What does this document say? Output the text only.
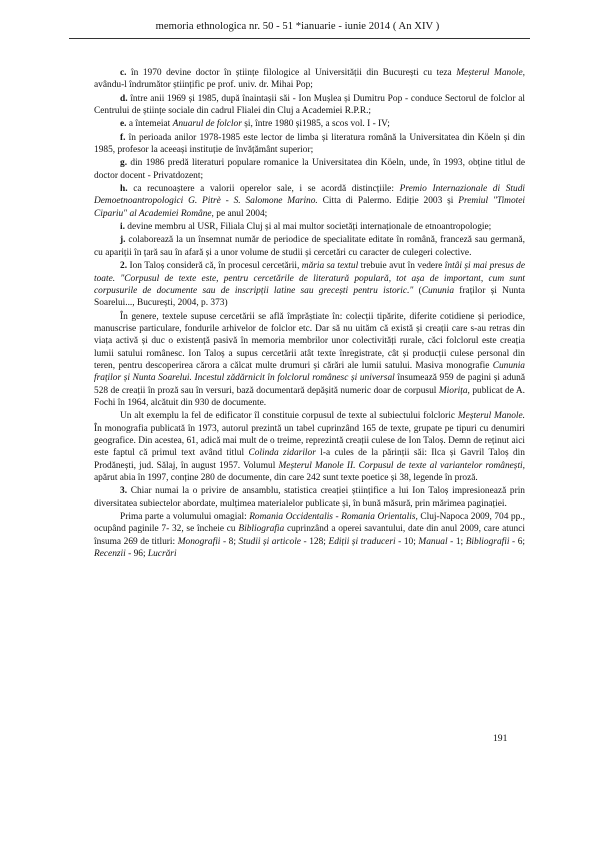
memoria ethnologica nr. 50 - 51 *ianuarie - iunie 2014 ( An XIV )

c. în 1970 devine doctor în științe filologice al Universității din București cu teza Meșterul Manole, avându-l îndrumător științific pe prof. univ. dr. Mihai Pop;

d. între anii 1969 și 1985, după înaintașii săi - Ion Mușlea și Dumitru Pop - conduce Sectorul de folclor al Centrului de științe sociale din cadrul Flialei din Cluj a Academiei R.P.R.;

e. a întemeiat Anuarul de folclor și, între 1980 și1985, a scos vol. I - IV;

f. în perioada anilor 1978-1985 este lector de limba și literatura română la Universitatea din Köeln și din 1985, profesor la aceeași instituție de învățământ superior;

g. din 1986 predă literaturi populare romanice la Universitatea din Köeln, unde, în 1993, obține titlul de doctor docent - Privatdozent;

h. ca recunoaștere a valorii operelor sale, i se acordă distincțiile: Premio Internazionale di Studi Demoetnoantropologici G. Pitrè - S. Salomone Marino. Citta di Palermo. Ediție 2003 și Premiul "Timotei Cipariu" al Academiei Române, pe anul 2004;

i. devine membru al USR, Filiala Cluj și al mai multor societăți internaționale de etnoantropologie;

j. colaborează la un însemnat număr de periodice de specialitate editate în română, franceză sau germană, cu apariții în țară sau în afară și a unor volume de studii și cercetări cu caracter de culegeri colective.

2. Ion Taloș consideră că, în procesul cercetării, măria sa textul trebuie avut în vedere întâi și mai presus de toate. "Corpusul de texte este, pentru cercetările de literatură populară, tot așa de important, cum sunt corpusurile de documente sau de inscripții latine sau grecești pentru istoric." (Cununia fraților și Nunta Soarelui..., București, 2004, p. 373)

În genere, textele supuse cercetării se află împrăștiate în: colecții tipărite, diferite cotidiene și periodice, manuscrise particulare, fondurile arhivelor de folclor etc. Dar să nu uităm că există și creații care s-au retras din viața activă și duc o existență pasivă în memoria membrilor unor colectivități rurale, căci folclorul este creația lumii satului românesc. Ion Taloș a supus cercetării atât texte înregistrate, cât și producții culese personal din teren, pentru descoperirea cărora a călcat multe drumuri și cărări ale lumii satului. Masiva monografie Cununia fraților și Nunta Soarelui. Incestul zădărnicit în folclorul românesc și universal însumează 959 de pagini și adună 528 de creații în proză sau în versuri, bază documentară depășită numeric doar de corpusul Miorița, publicat de A. Fochi în 1964, alcătuit din 930 de documente.

Un alt exemplu la fel de edificator îl constituie corpusul de texte al subiectului folcloric Meșterul Manole. În monografia publicată în 1973, autorul prezintă un tabel cuprinzând 165 de texte, grupate pe tipuri cu denumiri geografice. Din acestea, 61, adică mai mult de o treime, reprezintă creații culese de Ion Taloș. Demn de reținut aici este faptul că primul text având titlul Colinda zidarilor l-a cules de la părinții săi: Ilca și Gavril Taloș din Prodănești, jud. Sălaj, în august 1957. Volumul Meșterul Manole II. Corpusul de texte al variantelor românești, apărut abia în 1997, conține 280 de documente, din care 242 sunt texte poetice și 38, legende în proză.

3. Chiar numai la o privire de ansamblu, statistica creației științifice a lui Ion Taloș impresionează prin diversitatea subiectelor abordate, mulțimea materialelor publicate și, în bună măsură, prin mărimea paginației.

Prima parte a volumului omagial: Romania Occidentalis - Romania Orientalis, Cluj-Napoca 2009, 704 pp., ocupând paginile 7- 32, se încheie cu Bibliografia cuprinzând a operei savantului, date din anul 2009, care atunci însuma 269 de titluri: Monografii - 8; Studii și articole - 128; Ediții și traduceri - 10; Manual - 1; Bibliografii - 6; Recenzii - 96; Lucrări

191
